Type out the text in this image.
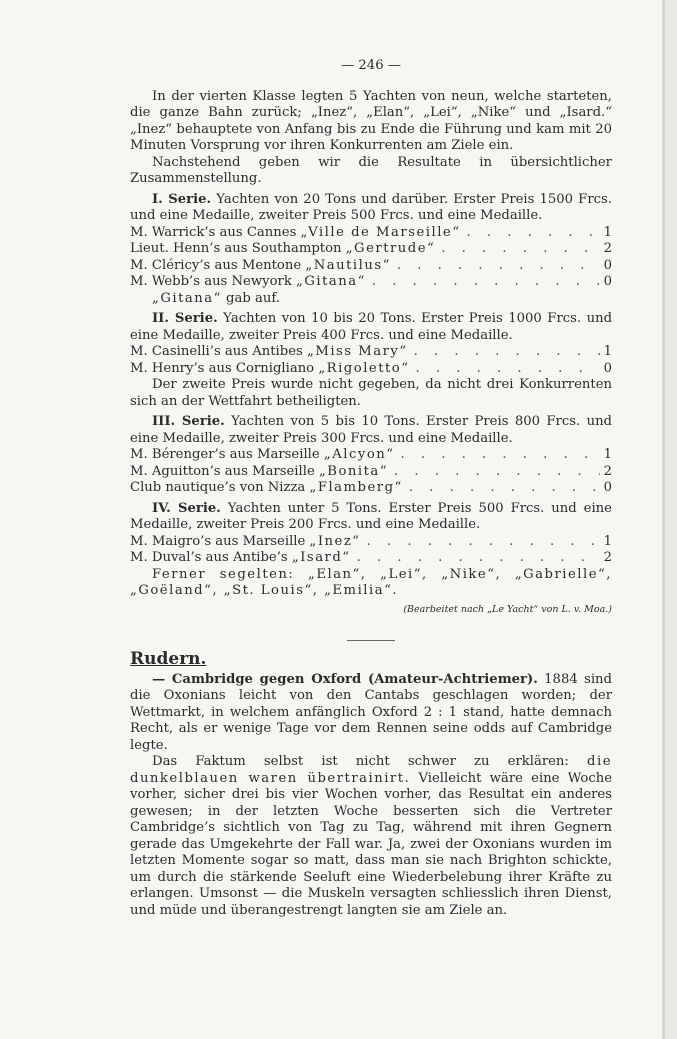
— 246 —

In der vierten Klasse legten 5 Yachten von neun, welche starteten, die ganze Bahn zurück; „Inez“, „Elan“, „Lei“, „Nike“ und „Isard.“ „Inez“ behauptete von Anfang bis zu Ende die Führung und kam mit 20 Minuten Vorsprung vor ihren Konkurrenten am Ziele ein.

Nachstehend geben wir die Resultate in übersichtlicher Zusammenstellung.

I. Serie. Yachten von 20 Tons und darüber. Erster Preis 1500 Frcs. und eine Medaille, zweiter Preis 500 Frcs. und eine Medaille.

M. Warrick’s aus Cannes „Ville de Marseille“ . . .	1
Lieut. Henn’s aus Southampton „Gertrude“ . . .	2
M. Cléricy’s aus Mentone „Nautilus“ . . .	0
M. Webb’s aus Newyork „Gitana“ . . .	0
„Gitana“ gab auf.

II. Serie. Yachten von 10 bis 20 Tons. Erster Preis 1000 Frcs. und eine Medaille, zweiter Preis 400 Frcs. und eine Medaille.

M. Casinelli’s aus Antibes „Miss Mary“ . . .	1
M. Henry’s aus Cornigliano „Rigoletto“ . . .	0

Der zweite Preis wurde nicht gegeben, da nicht drei Konkurrenten sich an der Wettfahrt betheiligten.

III. Serie. Yachten von 5 bis 10 Tons. Erster Preis 800 Frcs. und eine Medaille, zweiter Preis 300 Frcs. und eine Medaille.

M. Bérenger’s aus Marseille „Alcyon“ . . .	1
M. Aguitton’s aus Marseille „Bonita“ . . .	2
Club nautique’s von Nizza „Flamberg“ . . .	0

IV. Serie. Yachten unter 5 Tons. Erster Preis 500 Frcs. und eine Medaille, zweiter Preis 200 Frcs. und eine Medaille.

M. Maigro’s aus Marseille „Inez“ . . .	1
M. Duval’s aus Antibe’s „Isard“ . . .	2

Ferner segelten: „Elan“, „Lei“, „Nike“, „Gabrielle“, „Goëland“, „St. Louis“, „Emilia“.
(Bearbeitet nach „Le Yacht“ von L. v. Moa.)

Rudern.

— Cambridge gegen Oxford (Amateur-Achtriemer). 1884 sind die Oxonians leicht von den Cantabs geschlagen worden; der Wettmarkt, in welchem anfänglich Oxford 2 : 1 stand, hatte demnach Recht, als er wenige Tage vor dem Rennen seine odds auf Cambridge legte.

Das Faktum selbst ist nicht schwer zu erklären: die dunkelblauen waren übertrainirt. Vielleicht wäre eine Woche vorher, sicher drei bis vier Wochen vorher, das Resultat ein anderes gewesen; in der letzten Woche besserten sich die Vertreter Cambridge’s sichtlich von Tag zu Tag, während mit ihren Gegnern gerade das Umgekehrte der Fall war. Ja, zwei der Oxonians wurden im letzten Momente sogar so matt, dass man sie nach Brighton schickte, um durch die stärkende Seeluft eine Wiederbelebung ihrer Kräfte zu erlangen. Umsonst — die Muskeln versagten schliesslich ihren Dienst, und müde und überangestrengt langten sie am Ziele an.
